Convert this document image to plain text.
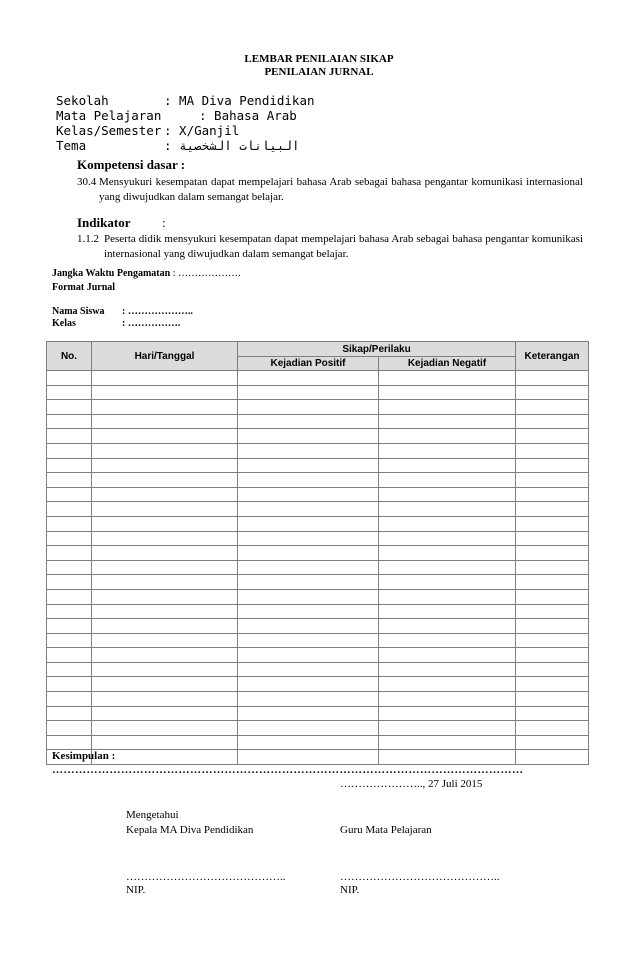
LEMBAR PENILAIAN SIKAP
PENILAIAN JURNAL
Sekolah	: MA Diva Pendidikan
Mata Pelajaran	: Bahasa Arab
Kelas/Semester : X/Ganjil
Tema	: البيانات الشخصية
Kompetensi dasar :
30.4 Mensyukuri kesempatan dapat mempelajari bahasa Arab sebagai bahasa pengantar komunikasi internasional yang diwujudkan dalam semangat belajar.
Indikator :
1.1.2 Peserta didik mensyukuri kesempatan dapat mempelajari bahasa Arab sebagai bahasa pengantar komunikasi internasional yang diwujudkan dalam semangat belajar.
Jangka Waktu Pengamatan : ……………….
Format Jurnal
Nama Siswa : ………………..
Kelas	: …………….
No.	Hari/Tanggal	Sikap/Perilaku		Keterangan
		Kejadian Positif	Kejadian Negatif	

Kesimpulan :
……………………………………………………………………………………………………………
………………….., 27 Juli 2015
Mengetahui
Kepala MA Diva Pendidikan	Guru Mata Pelajaran
……………………………………..	……………………………………..
NIP.	NIP.
